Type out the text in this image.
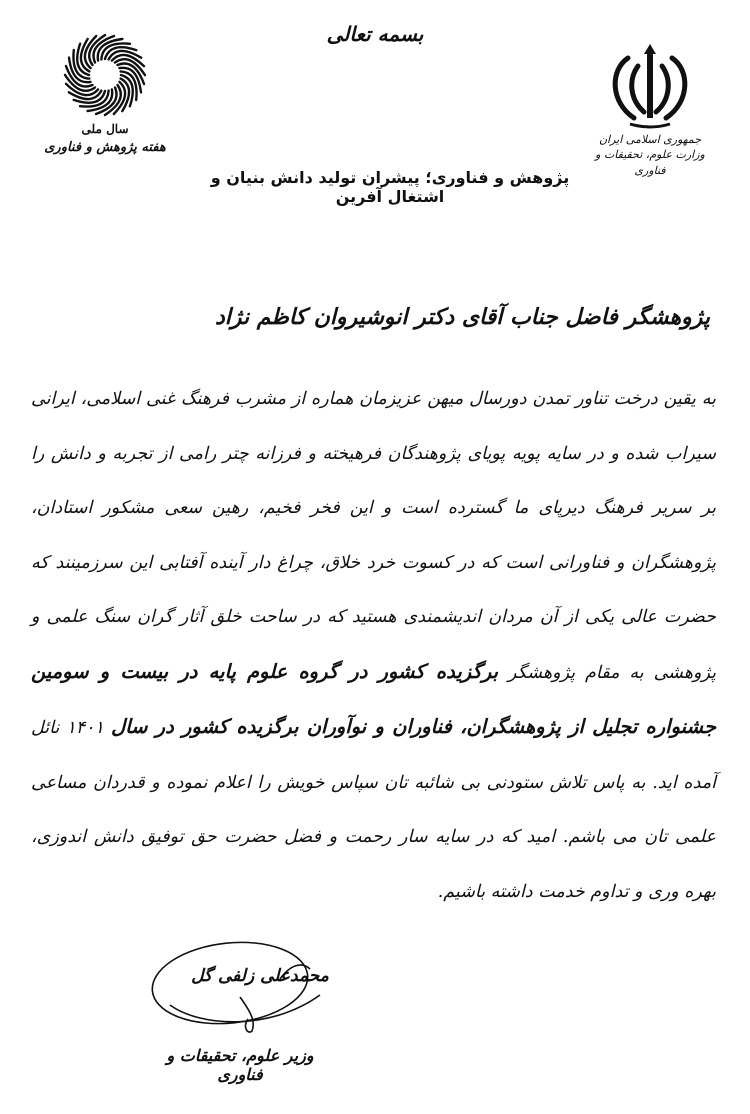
بسمه تعالی
جمهوری اسلامی ایران
وزارت علوم، تحقیقات و فناوری
سال ملی
هفته پژوهش و فناوری
پژوهش و فناوری؛ پیشران تولید دانش بنیان و اشتغال آفرین
پژوهشگر فاضل جناب آقای دکتر انوشیروان کاظم نژاد
به یقین درخت تناور تمدن دورسال میهن عزیزمان هماره از مشرب فرهنگ غنی اسلامی، ایرانی سیراب شده و در سایه پویه پویای پژوهندگان فرهیخته و فرزانه چتر رامی از تجربه و دانش را بر سریر فرهنگ دیرپای ما گسترده است و این فخر فخیم، رهین سعی مشکور استادان، پژوهشگران و فناورانی است که در کسوت خرد خلاق، چراغ دار آینده آفتابی این سرزمینند که حضرت عالی یکی از آن مردان اندیشمندی هستید که در ساحت خلق آثار گران سنگ علمی و پژوهشی به مقام پژوهشگر برگزیده کشور در گروه علوم پایه در بیست و سومین جشنواره تجلیل از پژوهشگران، فناوران و نوآوران برگزیده کشور در سال ۱۴۰۱ نائل آمده اید. به پاس تلاش ستودنی بی شائبه تان سپاس خویش را اعلام نموده و قدردان مساعی علمی تان می باشم. امید که در سایه سار رحمت و فضل حضرت حق توفیق دانش اندوزی، بهره وری و تداوم خدمت داشته باشیم.
محمدعلی زلفی گل
وزیر علوم، تحقیقات و فناوری
